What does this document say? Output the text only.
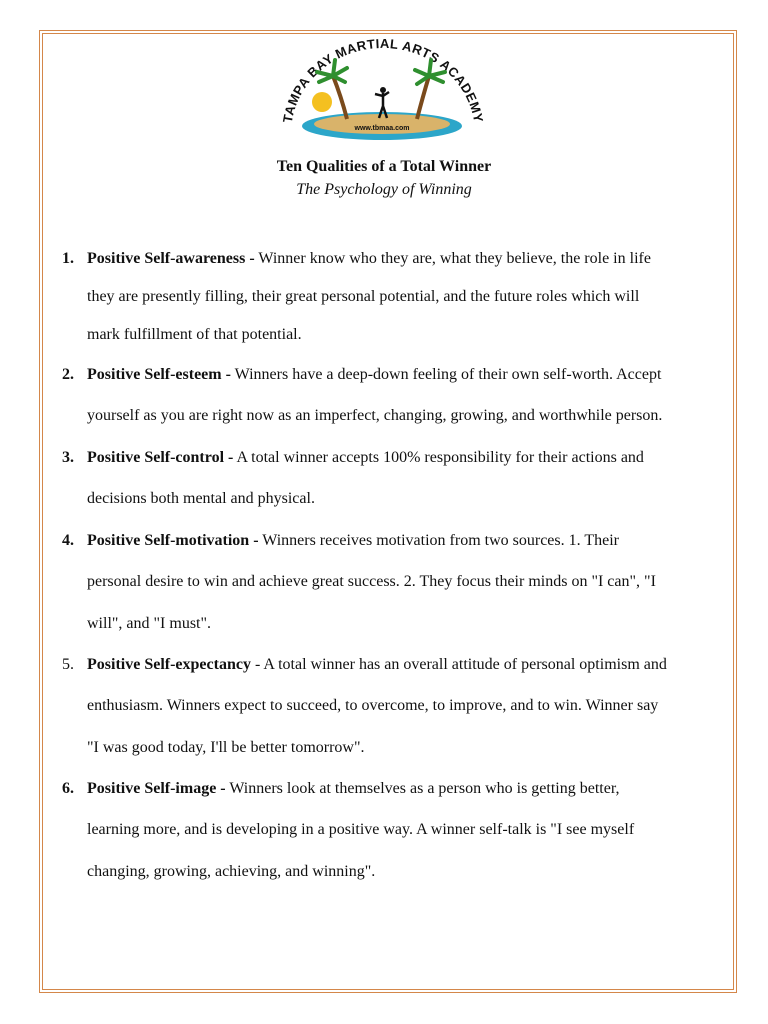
TAMPA BAY MARTIAL ARTS ACADEMY
www.tbmaa.com
Ten Qualities of a Total Winner
The Psychology of Winning
1. Positive Self-awareness - Winner know who they are, what they believe, the role in life
they are presently filling, their great personal potential, and the future roles which will
mark fulfillment of that potential.
2. Positive Self-esteem - Winners have a deep-down feeling of their own self-worth. Accept
yourself as you are right now as an imperfect, changing, growing, and worthwhile person.
3. Positive Self-control - A total winner accepts 100% responsibility for their actions and
decisions both mental and physical.
4. Positive Self-motivation - Winners receives motivation from two sources. 1. Their
personal desire to win and achieve great success. 2. They focus their minds on "I can", "I
will", and "I must".
5. Positive Self-expectancy - A total winner has an overall attitude of personal optimism and
enthusiasm. Winners expect to succeed, to overcome, to improve, and to win. Winner say
"I was good today, I'll be better tomorrow".
6. Positive Self-image - Winners look at themselves as a person who is getting better,
learning more, and is developing in a positive way. A winner self-talk is "I see myself
changing, growing, achieving, and winning".
